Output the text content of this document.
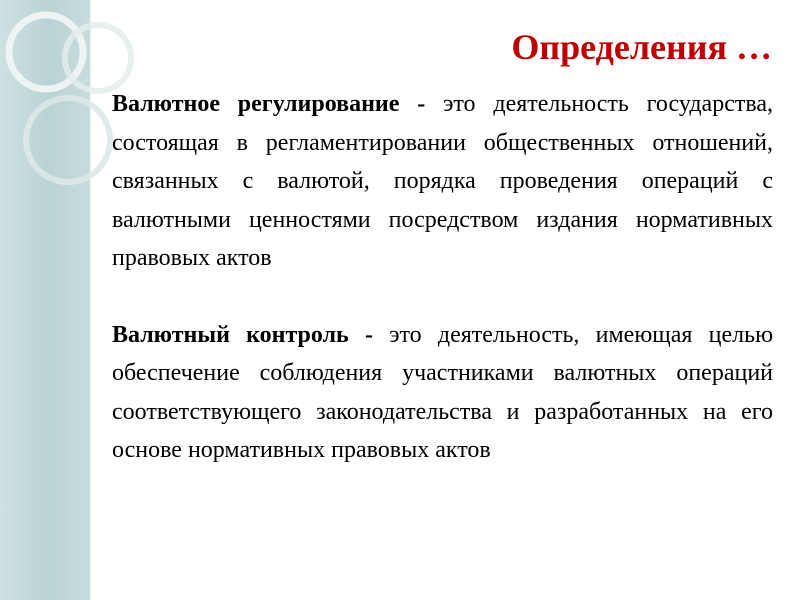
Определения …

Валютное регулирование - это деятельность государства, состоящая в регламентировании общественных отношений, связанных с валютой, порядка проведения операций с валютными ценностями посредством издания нормативных правовых актов

Валютный контроль - это деятельность, имеющая целью обеспечение соблюдения участниками валютных операций соответствующего законодательства и разработанных на его основе нормативных правовых актов
